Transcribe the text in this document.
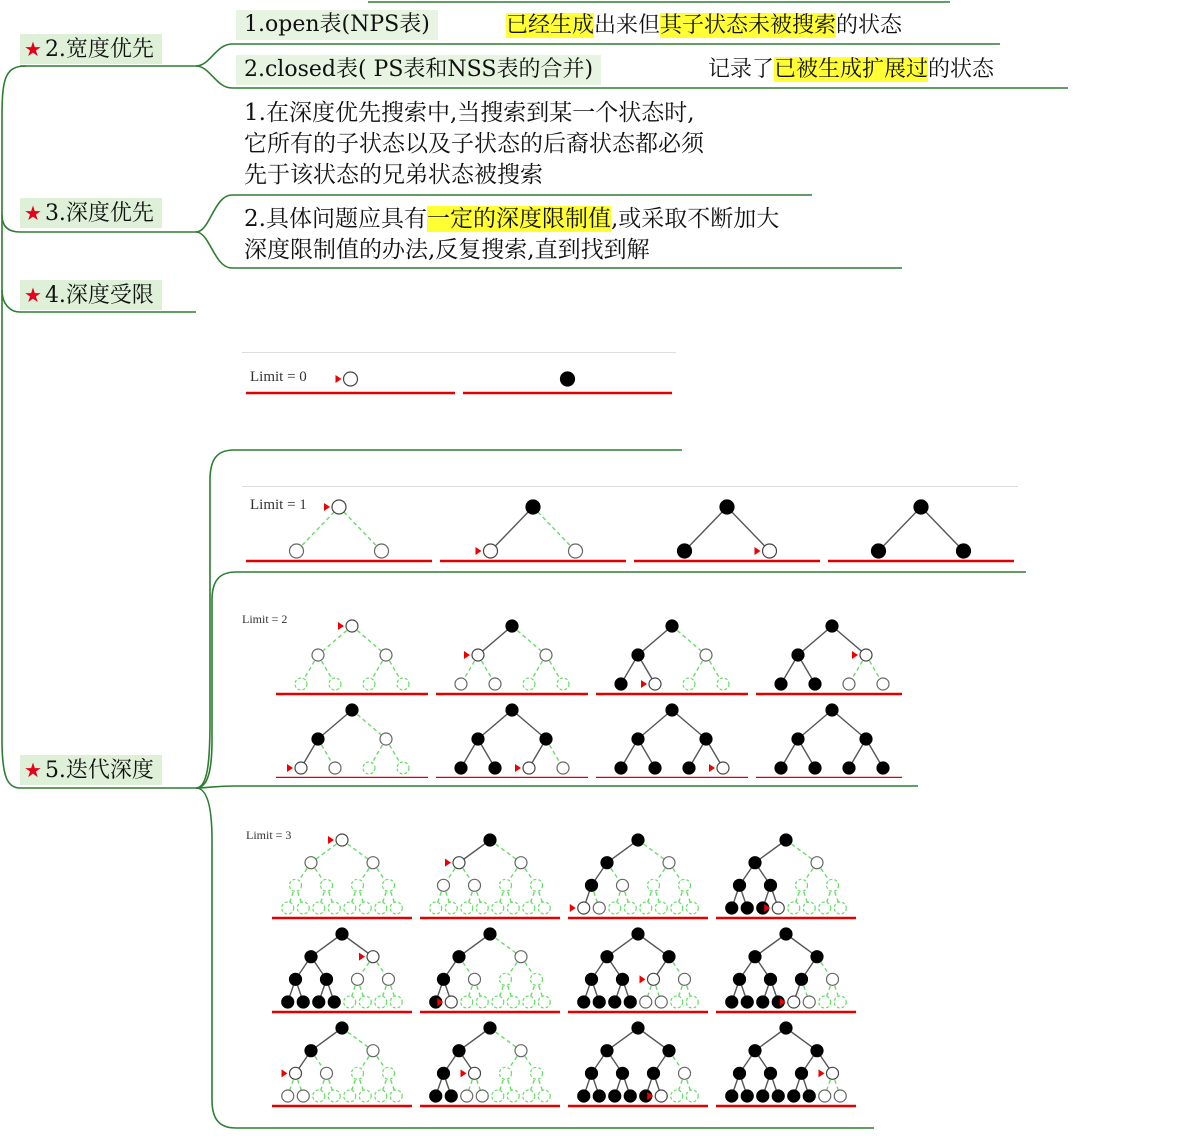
★ 2.宽度优先
★ 3.深度优先
★ 4.深度受限
★ 5.迭代深度
1.open表(NPS表)	已经生成出来但其子状态未被搜索的状态
2.closed表( PS表和NSS表的合并)	记录了已被生成扩展过的状态
1.在深度优先搜索中,当搜索到某一个状态时,
它所有的子状态以及子状态的后裔状态都必须
先于该状态的兄弟状态被搜索
2.具体问题应具有一定的深度限制值,或采取不断加大
深度限制值的办法,反复搜索,直到找到解
Limit = 0
Limit = 1
Limit = 2
Limit = 3
